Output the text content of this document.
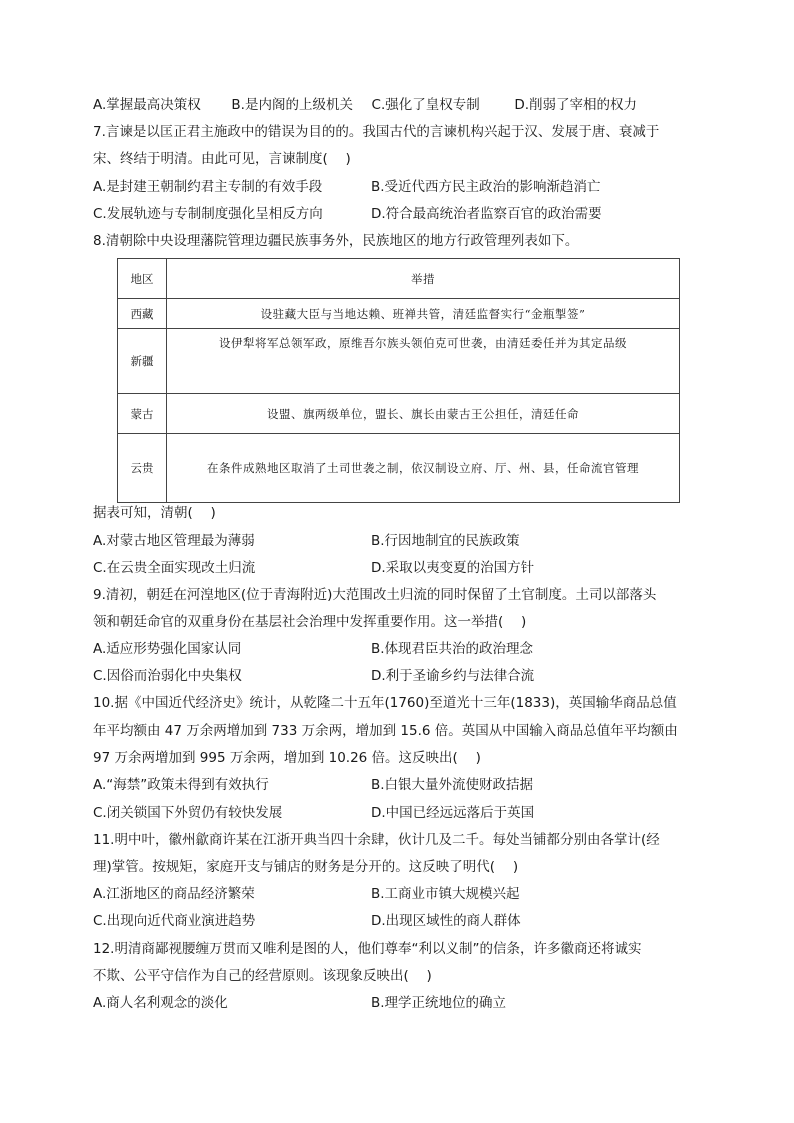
A.掌握最高决策权 B.是内阁的上级机关 C.强化了皇权专制	D.削弱了宰相的权力
7.言谏是以匡正君主施政中的错误为目的的。我国古代的言谏机构兴起于汉、发展于唐、衰减于
宋、终结于明清。由此可见，言谏制度(　 )
A.是封建王朝制约君主专制的有效手段	B.受近代西方民主政治的影响渐趋消亡
C.发展轨迹与专制制度强化呈相反方向	D.符合最高统治者监察百官的政治需要
8.清朝除中央设理藩院管理边疆民族事务外，民族地区的地方行政管理列表如下。
地区	举措
西藏	设驻藏大臣与当地达赖、班禅共管，清廷监督实行“金瓶掣签”
新疆	设伊犁将军总领军政，原维吾尔族头领伯克可世袭，由清廷委任并为其定品级
蒙古	设盟、旗两级单位，盟长、旗长由蒙古王公担任，清廷任命
云贵	在条件成熟地区取消了土司世袭之制，依汉制设立府、厅、州、县，任命流官管理
据表可知，清朝(　 )
A.对蒙古地区管理最为薄弱	B.行因地制宜的民族政策
C.在云贵全面实现改土归流	D.采取以夷变夏的治国方针
9.清初，朝廷在河湟地区(位于青海附近)大范围改土归流的同时保留了土官制度。土司以部落头
领和朝廷命官的双重身份在基层社会治理中发挥重要作用。这一举措(　 )
A.适应形势强化国家认同	B.体现君臣共治的政治理念
C.因俗而治弱化中央集权	D.利于圣谕乡约与法律合流
10.据《中国近代经济史》统计，从乾隆二十五年(1760)至道光十三年(1833)，英国输华商品总值
年平均额由 47 万余两增加到 733 万余两，增加到 15.6 倍。英国从中国输入商品总值年平均额由
97 万余两增加到 995 万余两，增加到 10.26 倍。这反映出(　 )
A.“海禁”政策未得到有效执行	B.白银大量外流使财政拮据
C.闭关锁国下外贸仍有较快发展	D.中国已经远远落后于英国
11.明中叶，徽州歙商许某在江浙开典当四十余肆，伙计几及二千。每处当铺都分别由各掌计(经
理)掌管。按规矩，家庭开支与铺店的财务是分开的。这反映了明代(　 )
A.江浙地区的商品经济繁荣	B.工商业市镇大规模兴起
C.出现向近代商业演进趋势	D.出现区域性的商人群体
12.明清商鄙视腰缠万贯而又唯利是图的人，他们尊奉“利以义制”的信条，许多徽商还将诚实
不欺、公平守信作为自己的经营原则。该现象反映出(　 )
A.商人名利观念的淡化	B.理学正统地位的确立
